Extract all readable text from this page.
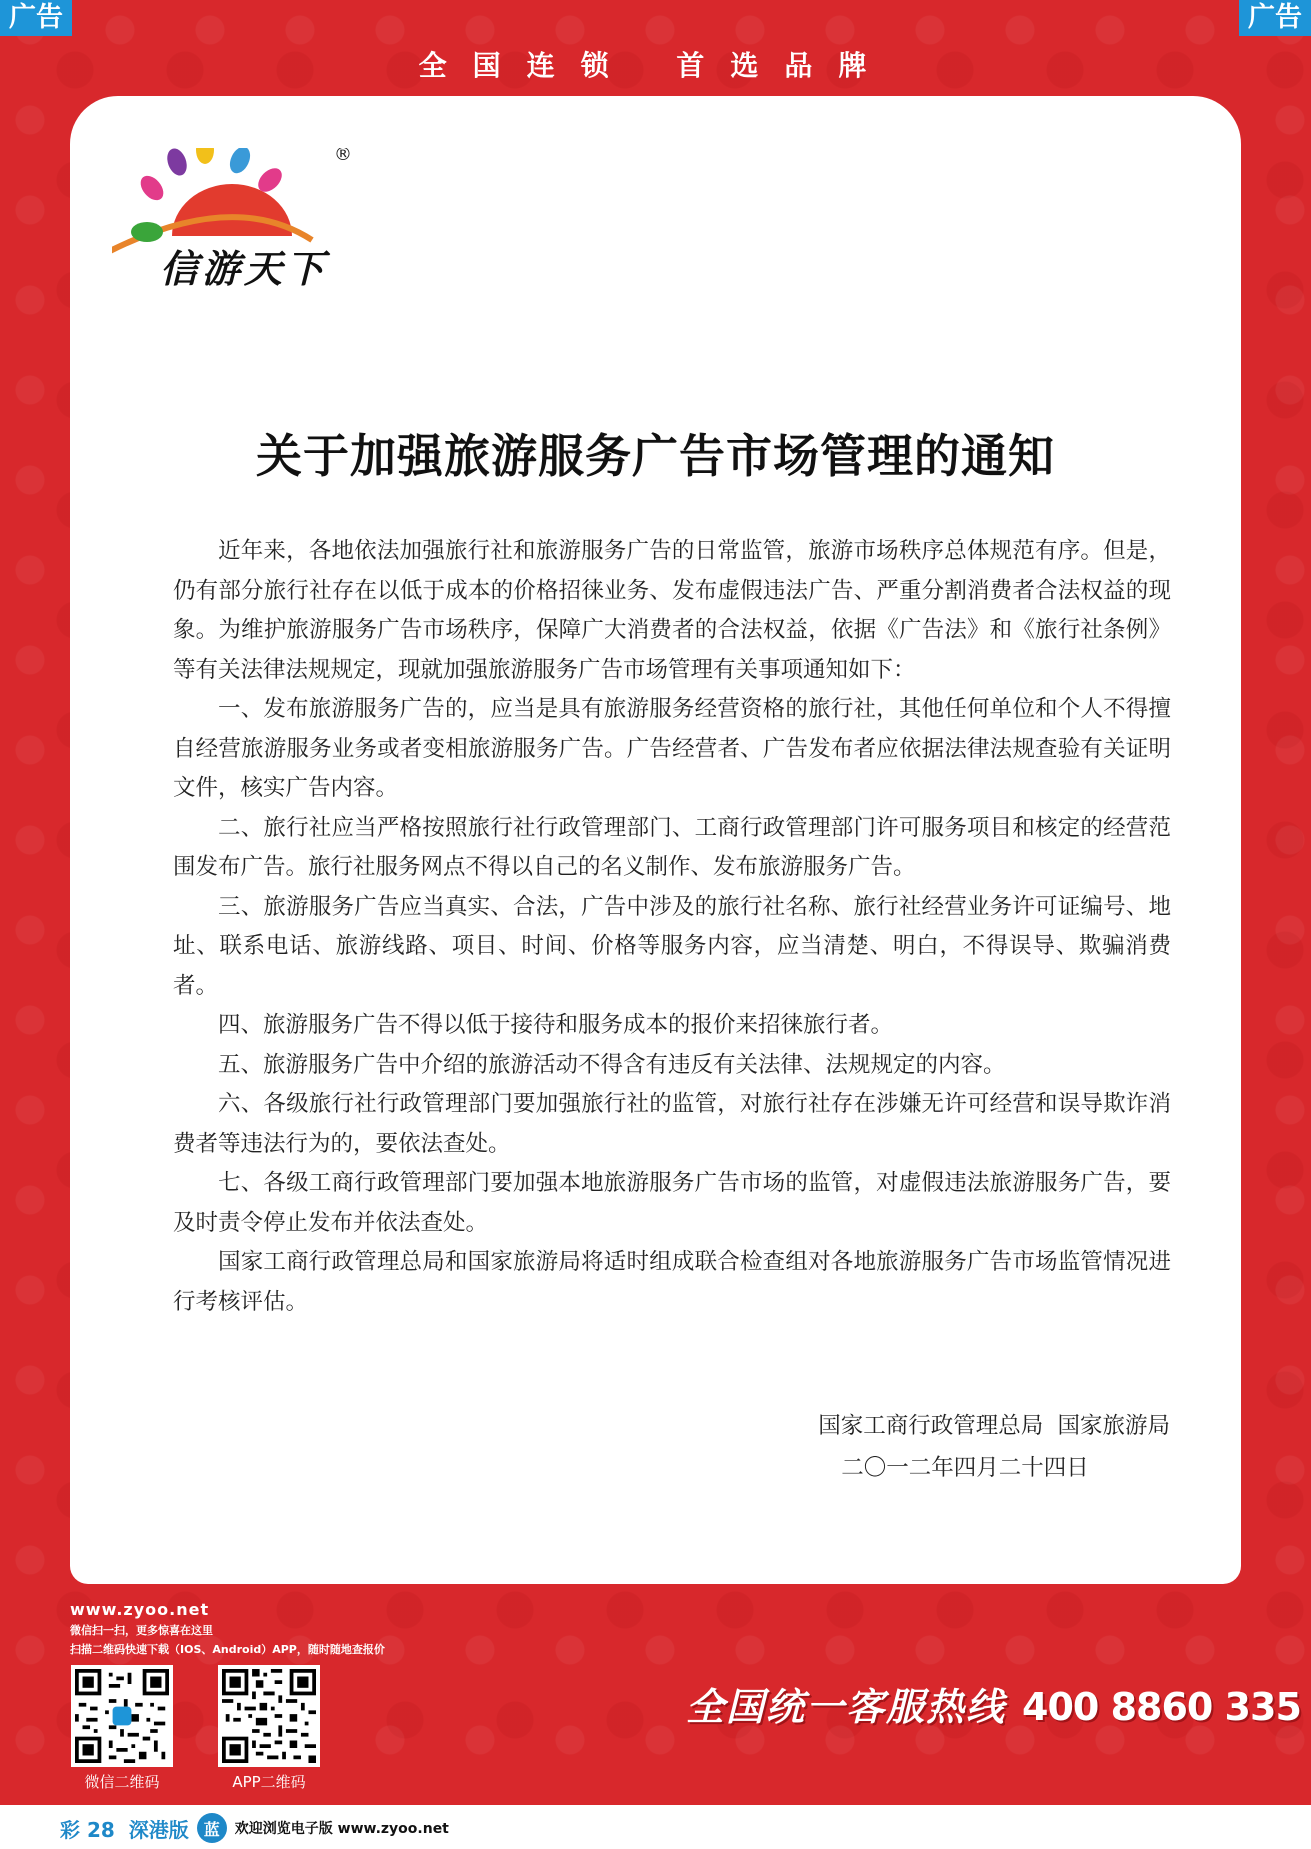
广告	广告
全国连锁 首选品牌
®
信游天下
关于加强旅游服务广告市场管理的通知

近年来，各地依法加强旅行社和旅游服务广告的日常监管，旅游市场秩序总体规范有序。但是，仍有部分旅行社存在以低于成本的价格招徕业务、发布虚假违法广告、严重分割消费者合法权益的现象。为维护旅游服务广告市场秩序，保障广大消费者的合法权益，依据《广告法》和《旅行社条例》等有关法律法规规定，现就加强旅游服务广告市场管理有关事项通知如下：

一、发布旅游服务广告的，应当是具有旅游服务经营资格的旅行社，其他任何单位和个人不得擅自经营旅游服务业务或者变相旅游服务广告。广告经营者、广告发布者应依据法律法规查验有关证明文件，核实广告内容。

二、旅行社应当严格按照旅行社行政管理部门、工商行政管理部门许可服务项目和核定的经营范围发布广告。旅行社服务网点不得以自己的名义制作、发布旅游服务广告。

三、旅游服务广告应当真实、合法，广告中涉及的旅行社名称、旅行社经营业务许可证编号、地址、联系电话、旅游线路、项目、时间、价格等服务内容，应当清楚、明白，不得误导、欺骗消费者。

四、旅游服务广告不得以低于接待和服务成本的报价来招徕旅行者。

五、旅游服务广告中介绍的旅游活动不得含有违反有关法律、法规规定的内容。

六、各级旅行社行政管理部门要加强旅行社的监管，对旅行社存在涉嫌无许可经营和误导欺诈消费者等违法行为的，要依法查处。

七、各级工商行政管理部门要加强本地旅游服务广告市场的监管，对虚假违法旅游服务广告，要及时责令停止发布并依法查处。

国家工商行政管理总局和国家旅游局将适时组成联合检查组对各地旅游服务广告市场监管情况进行考核评估。

国家工商行政管理总局  国家旅游局
二〇一二年四月二十四日
www.zyoo.net
微信扫一扫，更多惊喜在这里
扫描二维码快速下载（IOS、Android）APP，随时随地查报价
微信二维码	APP二维码
全国统一客服热线 400 8860 335
彩 28 深港版 蓝	欢迎浏览电子版 www.zyoo.net
